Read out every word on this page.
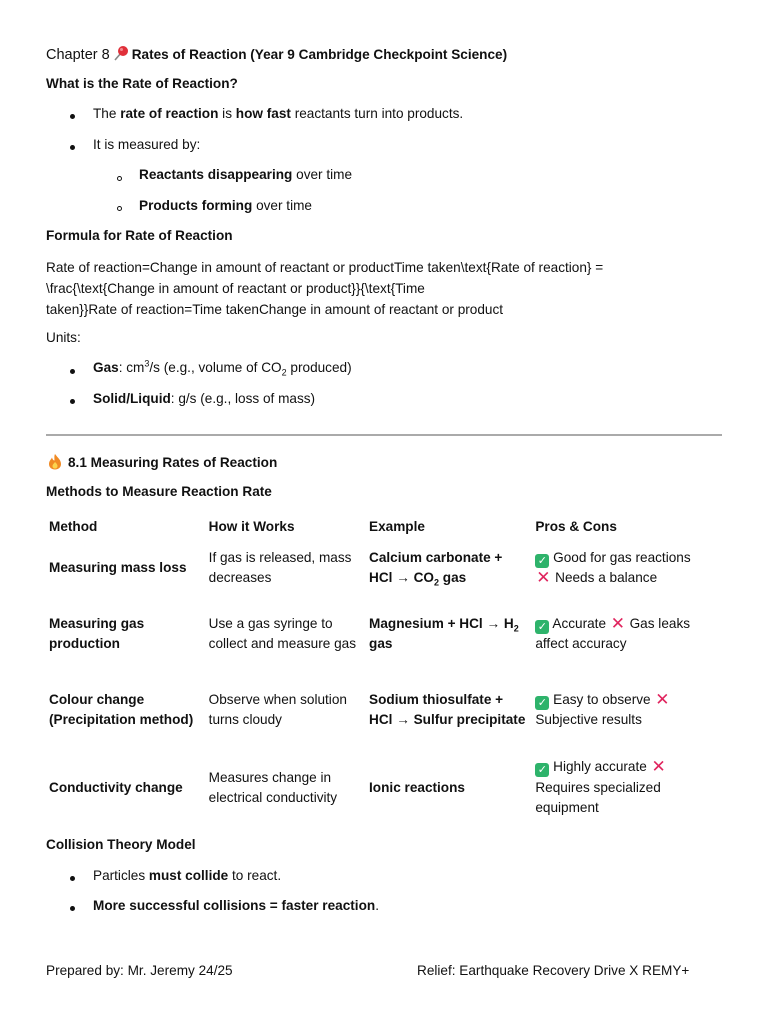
Chapter 8 Rates of Reaction (Year 9 Cambridge Checkpoint Science)
What is the Rate of Reaction?
The rate of reaction is how fast reactants turn into products.
It is measured by:
Reactants disappearing over time
Products forming over time
Formula for Rate of Reaction
Rate of reaction=Change in amount of reactant or productTime taken\text{Rate of reaction} =
\frac{\text{Change in amount of reactant or product}}{\text{Time
taken}}Rate of reaction=Time takenChange in amount of reactant or product
Units:
Gas: $cm^3/s$ (e.g., volume of $CO_2$ produced)
Solid/Liquid: g/s (e.g., loss of mass)
8.1 Measuring Rates of Reaction
Methods to Measure Reaction Rate
Method	How it Works	Example	Pros & Cons
Measuring mass loss	If gas is released, mass decreases	Calcium carbonate + HCl → $CO_2$ gas	✓ Good for gas reactions
✕ Needs a balance

Measuring gas production	Use a gas syringe to collect and measure gas	Magnesium + HCl → $H_2$ gas	✓ Accurate ✕ Gas leaks affect accuracy
Colour change (Precipitation method)	Observe when solution turns cloudy	Sodium thiosulfate + HCl → Sulfur precipitate	✓ Easy to observe ✕ Subjective results
Conductivity change	Measures change in electrical conductivity	Ionic reactions	✓ Highly accurate ✕ Requires specialized equipment
Collision Theory Model
Particles must collide to react.
More successful collisions = faster reaction.
Prepared by: Mr. Jeremy 24/25	Relief: Earthquake Recovery Drive X REMY+
